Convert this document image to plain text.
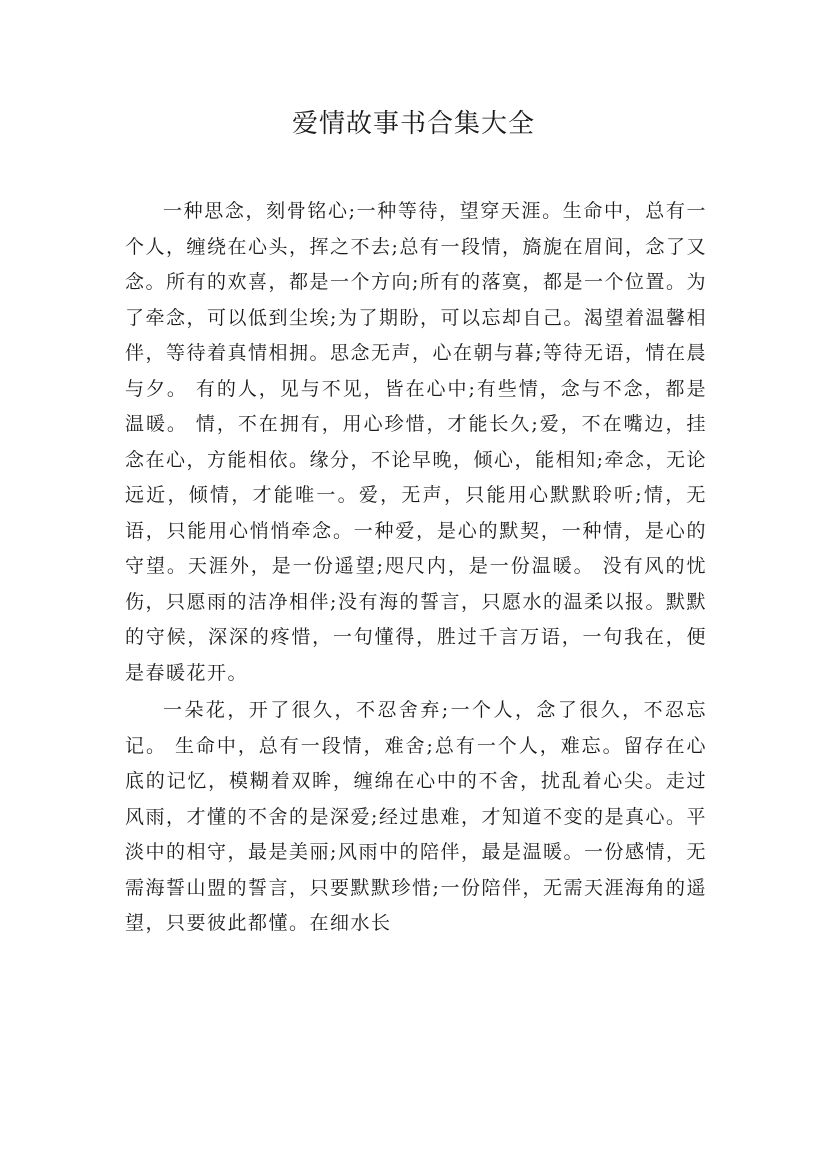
爱情故事书合集大全

一种思念，刻骨铭心;一种等待，望穿天涯。生命中，总有一个人，缠绕在心头，挥之不去;总有一段情，旖旎在眉间，念了又念。所有的欢喜，都是一个方向;所有的落寞，都是一个位置。为了牵念，可以低到尘埃;为了期盼，可以忘却自己。渴望着温馨相伴，等待着真情相拥。思念无声，心在朝与暮;等待无语，情在晨与夕。 有的人，见与不见，皆在心中;有些情，念与不念，都是温暖。 情，不在拥有，用心珍惜，才能长久;爱，不在嘴边，挂念在心，方能相依。缘分，不论早晚，倾心，能相知;牵念，无论远近，倾情，才能唯一。爱，无声，只能用心默默聆听;情，无语，只能用心悄悄牵念。一种爱，是心的默契，一种情，是心的守望。天涯外，是一份遥望;咫尺内，是一份温暖。 没有风的忧伤，只愿雨的洁净相伴;没有海的誓言，只愿水的温柔以报。默默的守候，深深的疼惜，一句懂得，胜过千言万语，一句我在，便是春暖花开。

一朵花，开了很久，不忍舍弃;一个人，念了很久，不忍忘记。 生命中，总有一段情，难舍;总有一个人，难忘。留存在心底的记忆，模糊着双眸，缠绵在心中的不舍，扰乱着心尖。走过风雨，才懂的不舍的是深爱;经过患难，才知道不变的是真心。平淡中的相守，最是美丽;风雨中的陪伴，最是温暖。一份感情，无需海誓山盟的誓言，只要默默珍惜;一份陪伴，无需天涯海角的遥望，只要彼此都懂。在细水长
